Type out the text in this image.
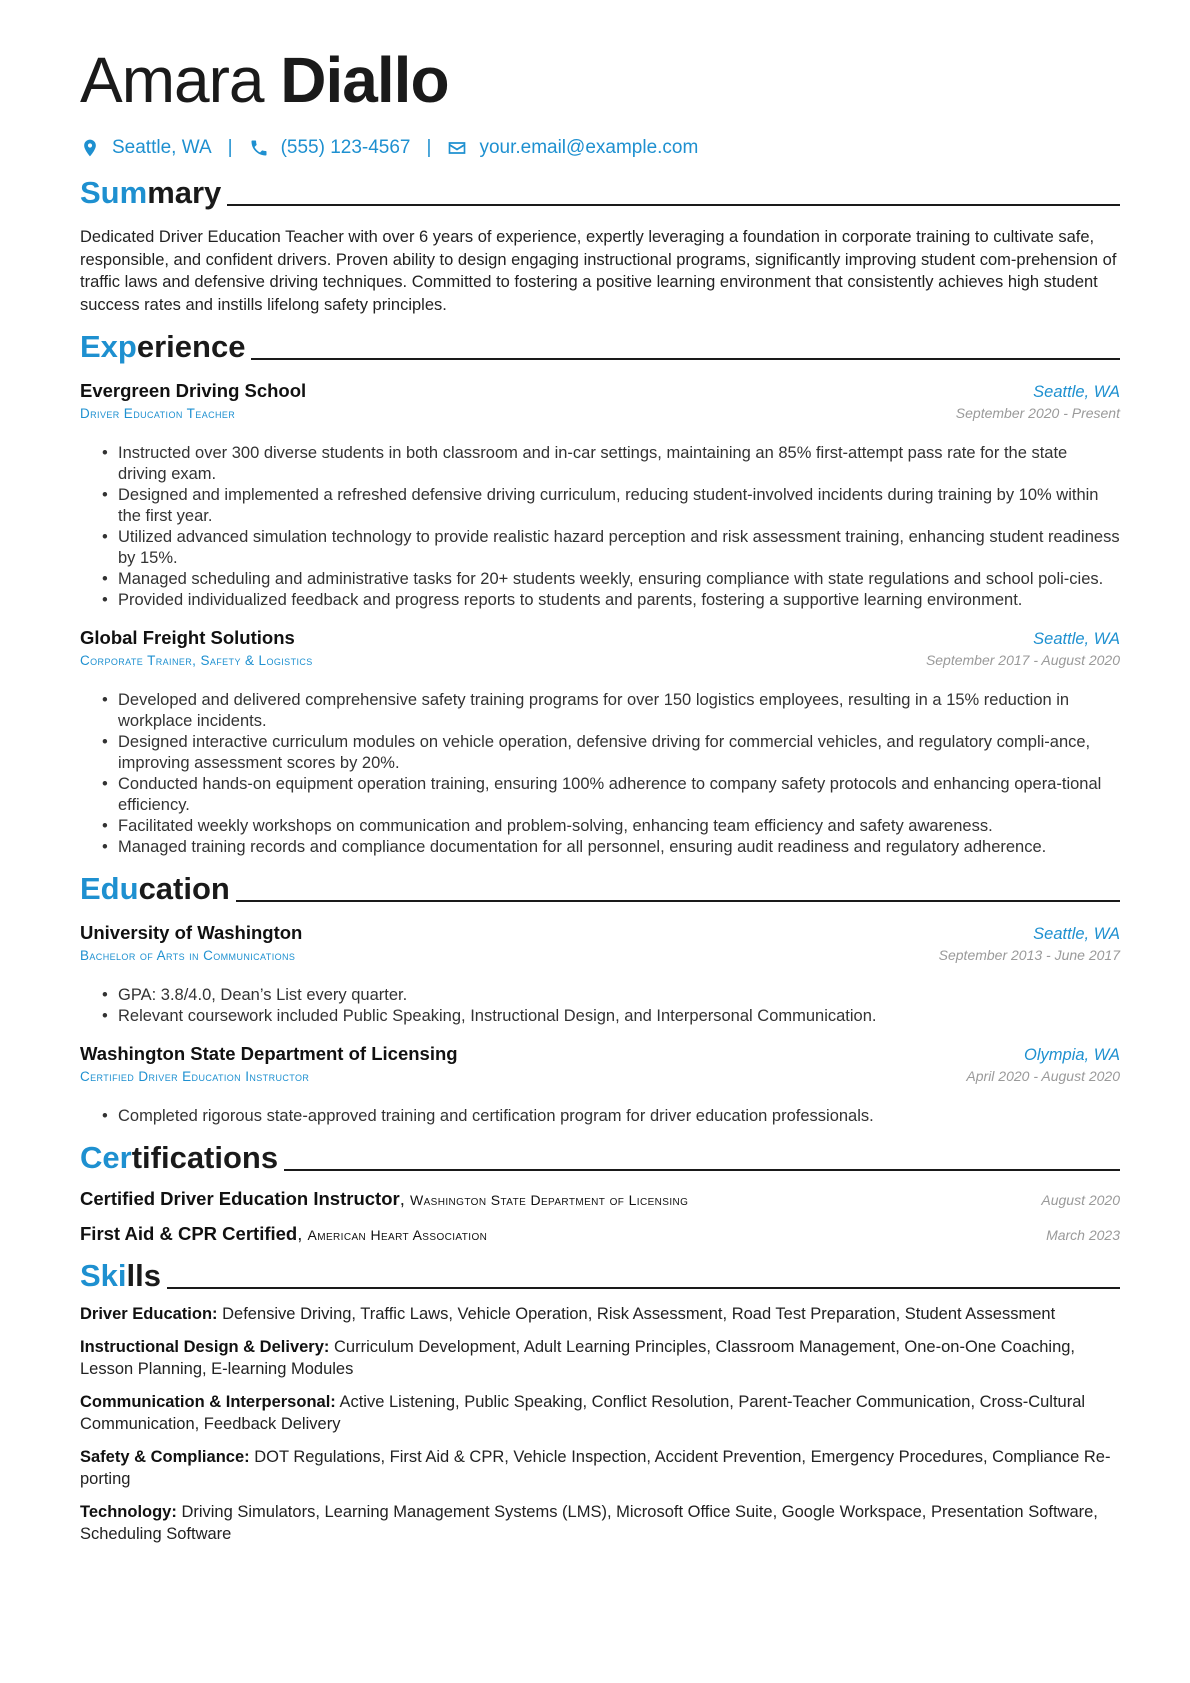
Amara Diallo
Seattle, WA |	(555) 123-4567 |	your.email@example.com
Summary
Dedicated Driver Education Teacher with over 6 years of experience, expertly leveraging a foundation in corporate training to cultivate safe, responsible, and confident drivers. Proven ability to design engaging instructional programs, significantly improving student com-prehension of traffic laws and defensive driving techniques. Committed to fostering a positive learning environment that consistently achieves high student success rates and instills lifelong safety principles.
Experience
Evergreen Driving School	Seattle, WA
Driver Education Teacher	September 2020 - Present
• Instructed over 300 diverse students in both classroom and in-car settings, maintaining an 85% first-attempt pass rate for the state driving exam.
• Designed and implemented a refreshed defensive driving curriculum, reducing student-involved incidents during training by 10% within the first year.
• Utilized advanced simulation technology to provide realistic hazard perception and risk assessment training, enhancing student readiness by 15%.
• Managed scheduling and administrative tasks for 20+ students weekly, ensuring compliance with state regulations and school poli-cies.
• Provided individualized feedback and progress reports to students and parents, fostering a supportive learning environment.
Global Freight Solutions	Seattle, WA
Corporate Trainer, Safety & Logistics	September 2017 - August 2020
• Developed and delivered comprehensive safety training programs for over 150 logistics employees, resulting in a 15% reduction in workplace incidents.
• Designed interactive curriculum modules on vehicle operation, defensive driving for commercial vehicles, and regulatory compli-ance, improving assessment scores by 20%.
• Conducted hands-on equipment operation training, ensuring 100% adherence to company safety protocols and enhancing opera-tional efficiency.
• Facilitated weekly workshops on communication and problem-solving, enhancing team efficiency and safety awareness.
• Managed training records and compliance documentation for all personnel, ensuring audit readiness and regulatory adherence.
Education
University of Washington	Seattle, WA
Bachelor of Arts in Communications	September 2013 - June 2017
• GPA: 3.8/4.0, Dean’s List every quarter.
• Relevant coursework included Public Speaking, Instructional Design, and Interpersonal Communication.
Washington State Department of Licensing	Olympia, WA
Certified Driver Education Instructor	April 2020 - August 2020
• Completed rigorous state-approved training and certification program for driver education professionals.
Certifications
Certified Driver Education Instructor, Washington State Department of Licensing	August 2020
First Aid & CPR Certified, American Heart Association	March 2023
Skills
Driver Education: Defensive Driving, Traffic Laws, Vehicle Operation, Risk Assessment, Road Test Preparation, Student Assessment
Instructional Design & Delivery: Curriculum Development, Adult Learning Principles, Classroom Management, One-on-One Coaching, Lesson Planning, E-learning Modules
Communication & Interpersonal: Active Listening, Public Speaking, Conflict Resolution, Parent-Teacher Communication, Cross-Cultural Communication, Feedback Delivery
Safety & Compliance: DOT Regulations, First Aid & CPR, Vehicle Inspection, Accident Prevention, Emergency Procedures, Compliance Re-porting
Technology: Driving Simulators, Learning Management Systems (LMS), Microsoft Office Suite, Google Workspace, Presentation Software, Scheduling Software
